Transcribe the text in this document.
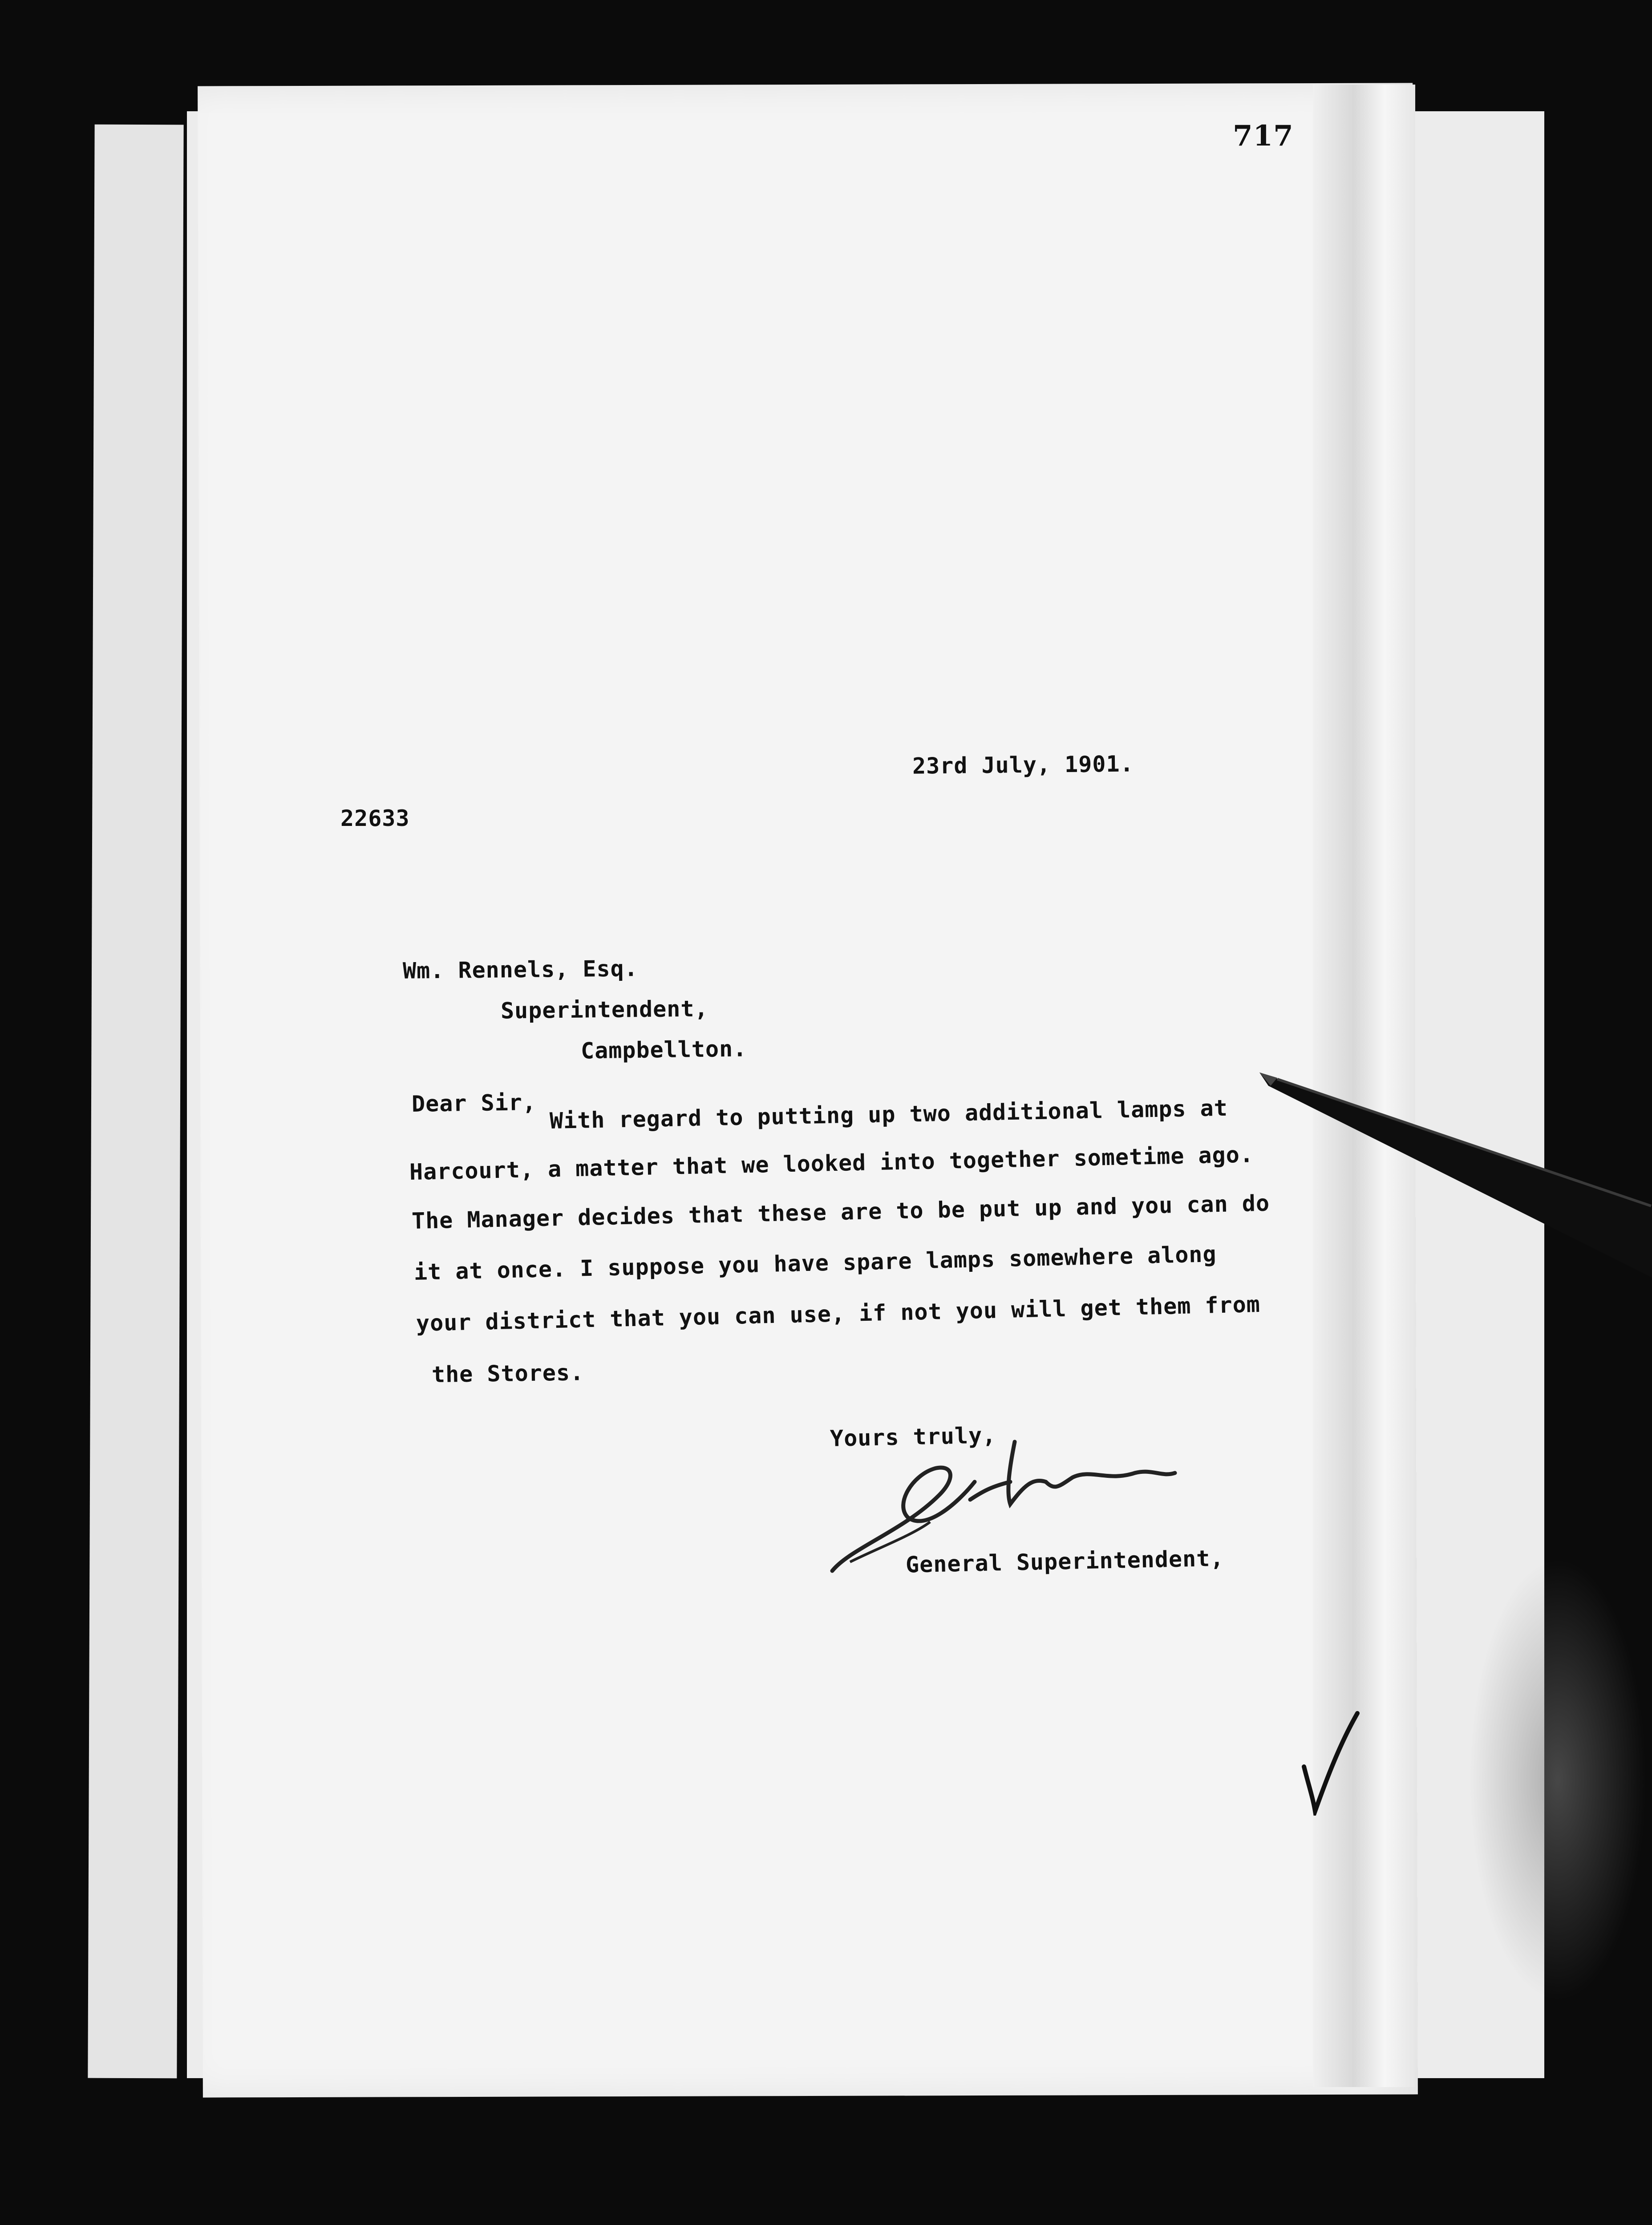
717
23rd July, 1901.
22633
Wm. Rennels, Esq.
Superintendent,
Campbellton.
Dear Sir, With regard to putting up two additional lamps at
Harcourt, a matter that we looked into together sometime ago.
The Manager decides that these are to be put up and you can do
it at once. I suppose you have spare lamps somewhere along
your district that you can use, if not you will get them from
the Stores.
Yours truly,
General Superintendent,
